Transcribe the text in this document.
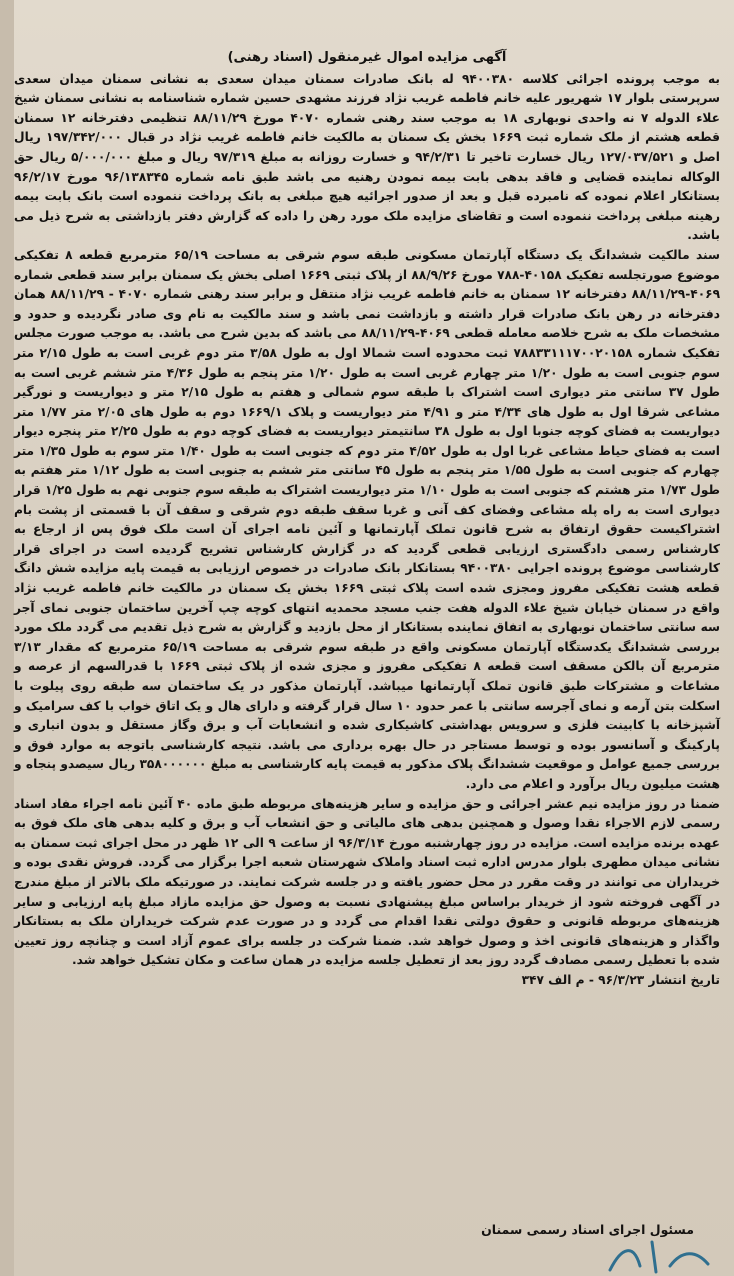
آگهی مزایده اموال غیرمنقول (اسناد رهنی)

به موجب پرونده اجرائی کلاسه ۹۴۰۰۳۸۰ له بانک صادرات سمنان میدان سعدی به نشانی سمنان میدان سعدی سرپرستی بلوار ۱۷ شهریور علیه خانم فاطمه غریب نژاد فرزند مشهدی حسین شماره شناسنامه به نشانی سمنان شیخ علاء الدوله ۷ نه واحدی نوبهاری ۱۸ به موجب سند رهنی شماره ۴۰۷۰ مورخ ۸۸/۱۱/۲۹ تنظیمی دفترخانه ۱۲ سمنان قطعه هشتم از ملک شماره ثبت ۱۶۶۹ بخش یک سمنان به مالکیت خانم فاطمه غریب نژاد در قبال ۱۹۷/۳۴۲/۰۰۰ ریال اصل و ۱۲۷/۰۳۷/۵۲۱ ریال خسارت تاخیر تا ۹۴/۲/۳۱ و خسارت روزانه به مبلغ ۹۷/۳۱۹ ریال و مبلغ ۵/۰۰۰/۰۰۰ ریال حق الوکاله نماینده قضایی و فاقد بدهی بابت بیمه نمودن رهنیه می باشد طبق نامه شماره ۹۶/۱۳۸۳۴۵ مورخ ۹۶/۲/۱۷ بستانکار اعلام نموده که نامبرده قبل و بعد از صدور اجرائیه هیچ مبلغی به بانک پرداخت ننموده است بانک بابت بیمه رهینه مبلغی پرداخت ننموده است و تقاضای مزایده ملک مورد رهن را داده که گزارش دفتر بازداشتی به شرح ذیل می باشد.

سند مالکیت ششدانگ یک دستگاه آپارتمان مسکونی طبقه سوم شرقی به مساحت ۶۵/۱۹ مترمربع قطعه ۸ تفکیکی موضوع صورتجلسه تفکیک ۴۰۱۵۸-۷۸۸ مورخ ۸۸/۹/۲۶ از پلاک ثبتی ۱۶۶۹ اصلی بخش یک سمنان برابر سند قطعی شماره ۴۰۶۹-۸۸/۱۱/۲۹ دفترخانه ۱۲ سمنان به خانم فاطمه غریب نژاد منتقل و برابر سند رهنی شماره ۴۰۷۰ - ۸۸/۱۱/۲۹ همان دفترخانه در رهن بانک صادرات قرار داشته و بازداشت نمی باشد و سند مالکیت به نام وی صادر نگردیده و حدود و مشخصات ملک به شرح خلاصه معامله قطعی ۴۰۶۹-۸۸/۱۱/۲۹ می باشد که بدین شرح می باشد. به موجب صورت مجلس تفکیک شماره ۷۸۸۳۳۱۱۱۷۰۰۲۰۱۵۸ ثبت محدوده است شمالا اول به طول ۳/۵۸ متر دوم غربی است به طول ۲/۱۵ متر سوم جنوبی است به طول ۱/۲۰ متر چهارم غربی است به طول ۱/۲۰ متر پنجم به طول ۴/۳۶ متر ششم غربی است به طول ۳۷ سانتی متر دیواری است اشتراک با طبقه سوم شمالی و هفتم به طول ۲/۱۵ متر و دیواریست و نورگیر مشاعی شرقا اول به طول های ۴/۳۴ متر و ۴/۹۱ متر دیواریست و پلاک ۱۶۶۹/۱ دوم به طول های ۲/۰۵ متر ۱/۷۷ متر دیواریست به فضای کوچه جنوبا اول به طول ۳۸ سانتیمتر دیواریست به فضای کوچه دوم به طول ۲/۲۵ متر پنجره دیوار است به فضای حیاط مشاعی غربا اول به طول ۴/۵۲ متر دوم که جنوبی است به طول ۱/۴۰ متر سوم به طول ۱/۳۵ متر چهارم که جنوبی است به طول ۱/۵۵ متر پنجم به طول ۴۵ سانتی متر ششم به جنوبی است به طول ۱/۱۲ متر هفتم به طول ۱/۷۳ متر هشتم که جنوبی است به طول ۱/۱۰ متر دیواریست اشتراک به طبقه سوم جنوبی نهم به طول ۱/۲۵ قرار دیواری است به راه پله مشاعی وفضای کف آنی و غربا سقف طبقه دوم شرقی و سقف آن با قسمتی از پشت بام اشتراکیست حقوق ارتفاق به شرح قانون تملک آپارتمانها و آئین نامه اجرای آن است ملک فوق پس از ارجاع به کارشناس رسمی دادگستری ارزیابی قطعی گردید که در گزارش کارشناس تشریح گردیده است در اجرای قرار کارشناسی موضوع پرونده اجرایی ۹۴۰۰۳۸۰ بستانکار بانک صادرات در خصوص ارزیابی به قیمت پایه مزایده شش دانگ قطعه هشت تفکیکی مفروز ومجزی شده است پلاک ثبتی ۱۶۶۹ بخش یک سمنان در مالکیت خانم فاطمه غریب نژاد واقع در سمنان خیابان شیخ علاء الدوله هفت جنب مسجد محمدیه انتهای کوچه چپ آخرین ساختمان جنوبی نمای آجر سه سانتی ساختمان نوبهاری به اتفاق نماینده بستانکار از محل بازدید و گزارش به شرح ذیل تقدیم می گردد ملک مورد بررسی ششدانگ یکدستگاه آپارتمان مسکونی واقع در طبقه سوم شرقی به مساحت ۶۵/۱۹ مترمربع که مقدار ۳/۱۳ مترمربع آن بالکن مسقف است قطعه ۸ تفکیکی مفروز و مجزی شده از پلاک ثبتی ۱۶۶۹ با قدرالسهم از عرصه و مشاعات و مشترکات طبق قانون تملک آپارتمانها میباشد. آپارتمان مذکور در یک ساختمان سه طبقه روی پیلوت با اسکلت بتن آرمه و نمای آجرسه سانتی با عمر حدود ۱۰ سال قرار گرفته و دارای هال و یک اتاق خواب با کف سرامیک و آشپزخانه با کابینت فلزی و سرویس بهداشتی کاشیکاری شده و انشعابات آب و برق وگاز مستقل و بدون انباری و پارکینگ و آسانسور بوده و توسط مستاجر در حال بهره برداری می باشد. نتیجه کارشناسی باتوجه به موارد فوق و بررسی جمیع عوامل و موقعیت ششدانگ پلاک مذکور به قیمت پایه کارشناسی به مبلغ ۳۵۸۰۰۰۰۰۰ ریال سیصدو پنجاه و هشت میلیون ریال برآورد و اعلام می دارد.

ضمنا در روز مزایده نیم عشر اجرائی و حق مزایده و سایر هزینه‌های مربوطه طبق ماده ۴۰ آئین نامه اجراء مفاد اسناد رسمی لازم الاجراء نقدا وصول و همچنین بدهی های مالیاتی و حق انشعاب آب و برق و کلیه بدهی های ملک فوق به عهده برنده مزایده است. مزایده در روز چهارشنبه مورخ ۹۶/۳/۱۴ از ساعت ۹ الی ۱۲ ظهر در محل اجرای ثبت سمنان به نشانی میدان مطهری بلوار مدرس اداره ثبت اسناد واملاک شهرستان شعبه اجرا برگزار می گردد. فروش نقدی بوده و خریداران می توانند در وقت مقرر در محل حضور یافته و در جلسه شرکت نمایند. در صورتیکه ملک بالاتر از مبلغ مندرج در آگهی فروخته شود از خریدار براساس مبلغ پیشنهادی نسبت به وصول حق مزایده مازاد مبلغ پایه ارزیابی و سایر هزینه‌های مربوطه قانونی و حقوق دولتی نقدا اقدام می گردد و در صورت عدم شرکت خریداران ملک به بستانکار واگذار و هزینه‌های قانونی اخذ و وصول خواهد شد. ضمنا شرکت در جلسه برای عموم آزاد است و چنانچه روز تعیین شده با تعطیل رسمی مصادف گردد روز بعد از تعطیل جلسه مزایده در همان ساعت و مکان تشکیل خواهد شد.

تاریخ انتشار ۹۶/۳/۲۳ - م الف ۳۴۷

مسئول اجرای اسناد رسمی سمنان
